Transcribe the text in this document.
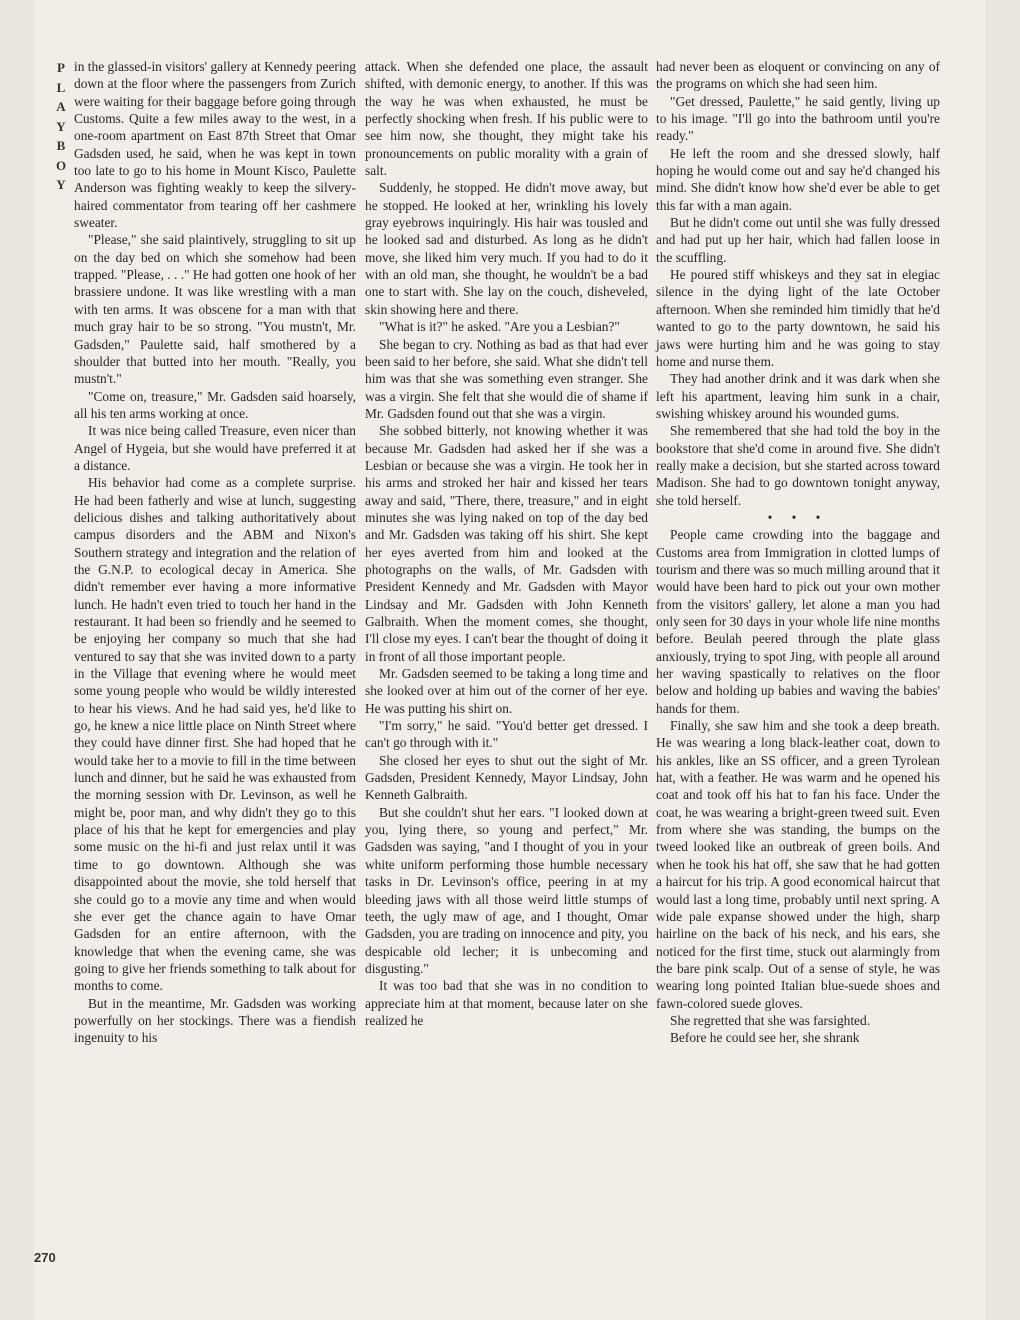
P
L
A
Y
B
O
Y

in the glassed-in visitors' gallery at Kennedy peering down at the floor where the passengers from Zurich were waiting for their baggage before going through Customs. Quite a few miles away to the west, in a one-room apartment on East 87th Street that Omar Gadsden used, he said, when he was kept in town too late to go to his home in Mount Kisco, Paulette Anderson was fighting weakly to keep the silvery-haired commentator from tearing off her cashmere sweater.

"Please," she said plaintively, struggling to sit up on the day bed on which she somehow had been trapped. "Please, . . ." He had gotten one hook of her brassiere undone. It was like wrestling with a man with ten arms. It was obscene for a man with that much gray hair to be so strong. "You mustn't, Mr. Gadsden," Paulette said, half smothered by a shoulder that butted into her mouth. "Really, you mustn't."

"Come on, treasure," Mr. Gadsden said hoarsely, all his ten arms working at once.

It was nice being called Treasure, even nicer than Angel of Hygeia, but she would have preferred it at a distance.

His behavior had come as a complete surprise. He had been fatherly and wise at lunch, suggesting delicious dishes and talking authoritatively about campus disorders and the ABM and Nixon's Southern strategy and integration and the relation of the G.N.P. to ecological decay in America. She didn't remember ever having a more informative lunch. He hadn't even tried to touch her hand in the restaurant. It had been so friendly and he seemed to be enjoying her company so much that she had ventured to say that she was invited down to a party in the Village that evening where he would meet some young people who would be wildly interested to hear his views. And he had said yes, he'd like to go, he knew a nice little place on Ninth Street where they could have dinner first. She had hoped that he would take her to a movie to fill in the time between lunch and dinner, but he said he was exhausted from the morning session with Dr. Levinson, as well he might be, poor man, and why didn't they go to this place of his that he kept for emergencies and play some music on the hi-fi and just relax until it was time to go downtown. Although she was disappointed about the movie, she told herself that she could go to a movie any time and when would she ever get the chance again to have Omar Gadsden for an entire afternoon, with the knowledge that when the evening came, she was going to give her friends something to talk about for months to come.

But in the meantime, Mr. Gadsden was working powerfully on her stockings. There was a fiendish ingenuity to his

attack. When she defended one place, the assault shifted, with demonic energy, to another. If this was the way he was when exhausted, he must be perfectly shocking when fresh. If his public were to see him now, she thought, they might take his pronouncements on public morality with a grain of salt.

Suddenly, he stopped. He didn't move away, but he stopped. He looked at her, wrinkling his lovely gray eyebrows inquiringly. His hair was tousled and he looked sad and disturbed. As long as he didn't move, she liked him very much. If you had to do it with an old man, she thought, he wouldn't be a bad one to start with. She lay on the couch, disheveled, skin showing here and there.

"What is it?" he asked. "Are you a Lesbian?"

She began to cry. Nothing as bad as that had ever been said to her before, she said. What she didn't tell him was that she was something even stranger. She was a virgin. She felt that she would die of shame if Mr. Gadsden found out that she was a virgin.

She sobbed bitterly, not knowing whether it was because Mr. Gadsden had asked her if she was a Lesbian or because she was a virgin. He took her in his arms and stroked her hair and kissed her tears away and said, "There, there, treasure," and in eight minutes she was lying naked on top of the day bed and Mr. Gadsden was taking off his shirt. She kept her eyes averted from him and looked at the photographs on the walls, of Mr. Gadsden with President Kennedy and Mr. Gadsden with Mayor Lindsay and Mr. Gadsden with John Kenneth Galbraith. When the moment comes, she thought, I'll close my eyes. I can't bear the thought of doing it in front of all those important people.

Mr. Gadsden seemed to be taking a long time and she looked over at him out of the corner of her eye. He was putting his shirt on.

"I'm sorry," he said. "You'd better get dressed. I can't go through with it."

She closed her eyes to shut out the sight of Mr. Gadsden, President Kennedy, Mayor Lindsay, John Kenneth Galbraith.

But she couldn't shut her ears. "I looked down at you, lying there, so young and perfect," Mr. Gadsden was saying, "and I thought of you in your white uniform performing those humble necessary tasks in Dr. Levinson's office, peering in at my bleeding jaws with all those weird little stumps of teeth, the ugly maw of age, and I thought, Omar Gadsden, you are trading on innocence and pity, you despicable old lecher; it is unbecoming and disgusting."

It was too bad that she was in no condition to appreciate him at that moment, because later on she realized he

had never been as eloquent or convincing on any of the programs on which she had seen him.

"Get dressed, Paulette," he said gently, living up to his image. "I'll go into the bathroom until you're ready."

He left the room and she dressed slowly, half hoping he would come out and say he'd changed his mind. She didn't know how she'd ever be able to get this far with a man again.

But he didn't come out until she was fully dressed and had put up her hair, which had fallen loose in the scuffling.

He poured stiff whiskeys and they sat in elegiac silence in the dying light of the late October afternoon. When she reminded him timidly that he'd wanted to go to the party downtown, he said his jaws were hurting him and he was going to stay home and nurse them.

They had another drink and it was dark when she left his apartment, leaving him sunk in a chair, swishing whiskey around his wounded gums.

She remembered that she had told the boy in the bookstore that she'd come in around five. She didn't really make a decision, but she started across toward Madison. She had to go downtown tonight anyway, she told herself.

• • •

People came crowding into the baggage and Customs area from Immigration in clotted lumps of tourism and there was so much milling around that it would have been hard to pick out your own mother from the visitors' gallery, let alone a man you had only seen for 30 days in your whole life nine months before. Beulah peered through the plate glass anxiously, trying to spot Jing, with people all around her waving spastically to relatives on the floor below and holding up babies and waving the babies' hands for them.

Finally, she saw him and she took a deep breath. He was wearing a long black-leather coat, down to his ankles, like an SS officer, and a green Tyrolean hat, with a feather. He was warm and he opened his coat and took off his hat to fan his face. Under the coat, he was wearing a bright-green tweed suit. Even from where she was standing, the bumps on the tweed looked like an outbreak of green boils. And when he took his hat off, she saw that he had gotten a haircut for his trip. A good economical haircut that would last a long time, probably until next spring. A wide pale expanse showed under the high, sharp hairline on the back of his neck, and his ears, she noticed for the first time, stuck out alarmingly from the bare pink scalp. Out of a sense of style, he was wearing long pointed Italian blue-suede shoes and fawn-colored suede gloves.

She regretted that she was farsighted.

Before he could see her, she shrank

270
